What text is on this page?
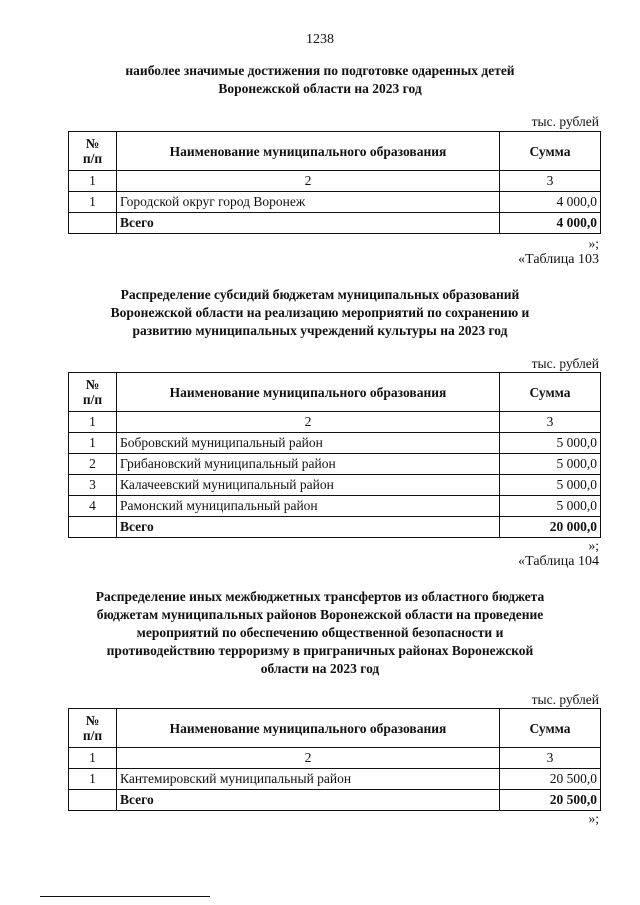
1238
наиболее значимые достижения по подготовке одаренных детей
Воронежской области на 2023 год
тыс. рублей
№
п/п	Наименование муниципального образования	Сумма
1	2	3
1	Городской округ город Воронеж	4 000,0
	Всего	4 000,0
»;
«Таблица 103
Распределение субсидий бюджетам муниципальных образований
Воронежской области на реализацию мероприятий по сохранению и
развитию муниципальных учреждений культуры на 2023 год
тыс. рублей
№
п/п	Наименование муниципального образования	Сумма
1	2	3
1	Бобровский муниципальный район	5 000,0
2	Грибановский муниципальный район	5 000,0
3	Калачеевский муниципальный район	5 000,0
4	Рамонский муниципальный район	5 000,0
	Всего	20 000,0
»;
«Таблица 104
Распределение иных межбюджетных трансфертов из областного бюджета
бюджетам муниципальных районов Воронежской области на проведение
мероприятий по обеспечению общественной безопасности и
противодействию терроризму в приграничных районах Воронежской
области на 2023 год
тыс. рублей
№
п/п	Наименование муниципального образования	Сумма
1	2	3
1	Кантемировский муниципальный район	20 500,0
	Всего	20 500,0
»;
